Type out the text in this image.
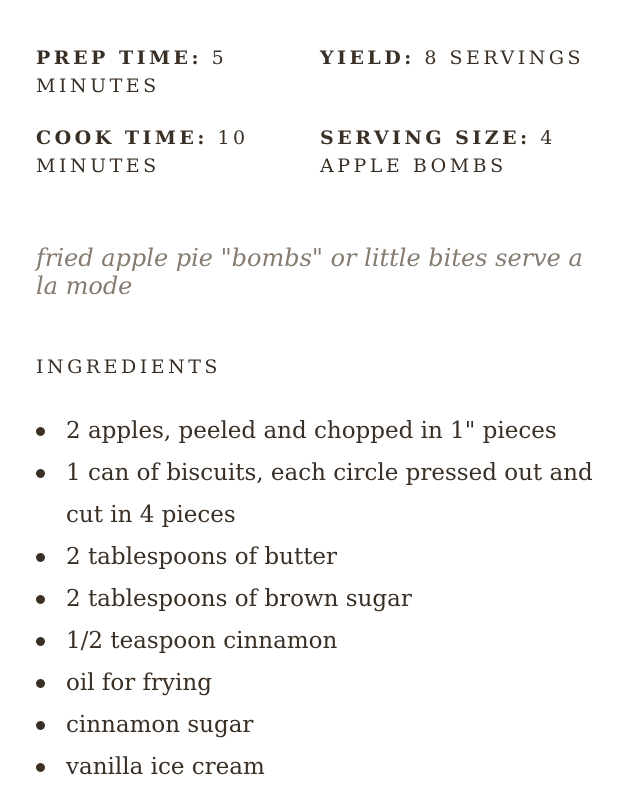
PREP TIME: 5 MINUTES
YIELD: 8 SERVINGS
COOK TIME: 10 MINUTES
SERVING SIZE: 4 APPLE BOMBS
fried apple pie "bombs" or little bites serve a la mode
INGREDIENTS
2 apples, peeled and chopped in 1" pieces
1 can of biscuits, each circle pressed out and cut in 4 pieces
2 tablespoons of butter
2 tablespoons of brown sugar
1/2 teaspoon cinnamon
oil for frying
cinnamon sugar
vanilla ice cream
